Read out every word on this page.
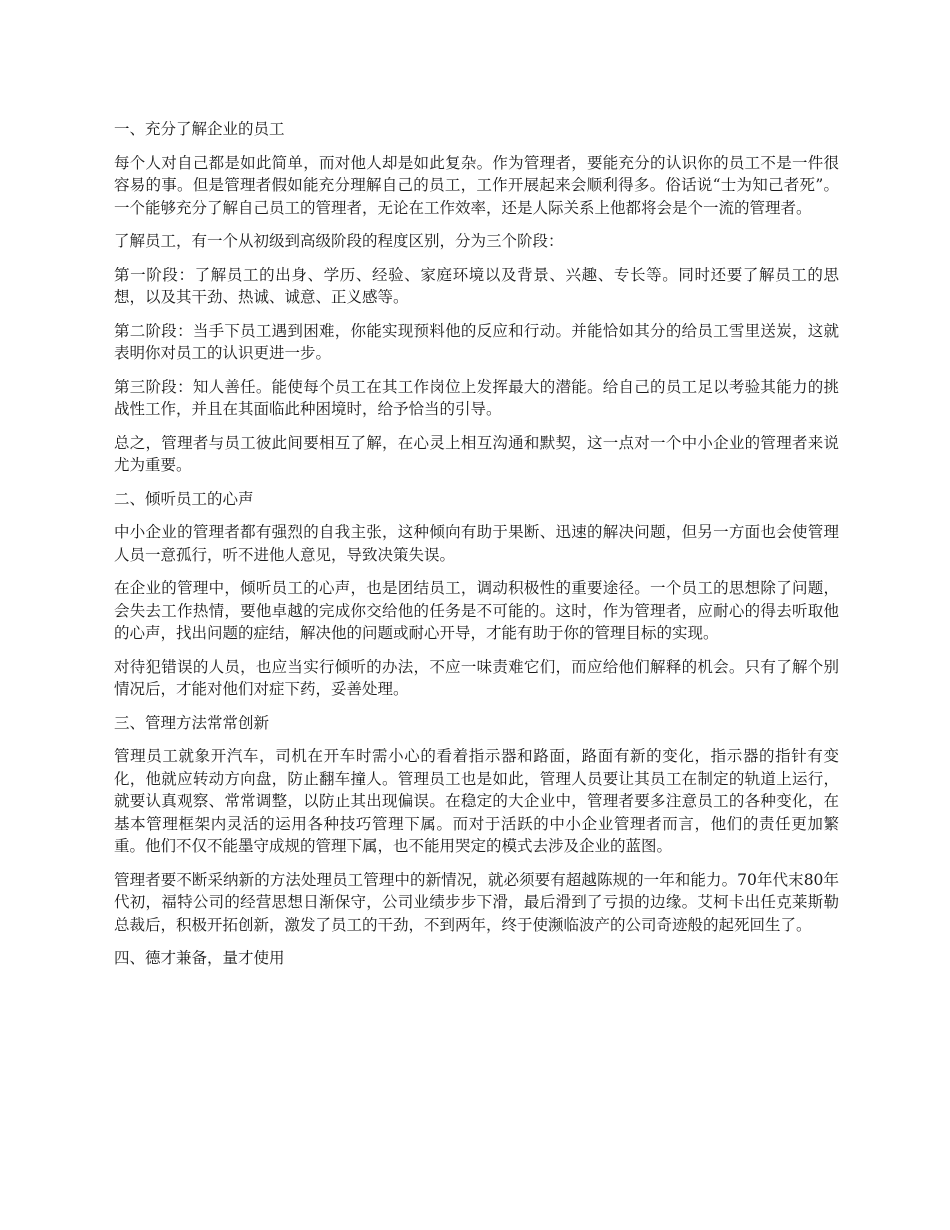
一、充分了解企业的员工
每个人对自己都是如此简单，而对他人却是如此复杂。作为管理者，要能充分的认识你的员工不是一件很容易的事。但是管理者假如能充分理解自己的员工，工作开展起来会顺利得多。俗话说“士为知己者死”。一个能够充分了解自己员工的管理者，无论在工作效率，还是人际关系上他都将会是个一流的管理者。
了解员工，有一个从初级到高级阶段的程度区别，分为三个阶段：
第一阶段：了解员工的出身、学历、经验、家庭环境以及背景、兴趣、专长等。同时还要了解员工的思想，以及其干劲、热诚、诚意、正义感等。
第二阶段：当手下员工遇到困难，你能实现预料他的反应和行动。并能恰如其分的给员工雪里送炭，这就表明你对员工的认识更进一步。
第三阶段：知人善任。能使每个员工在其工作岗位上发挥最大的潜能。给自己的员工足以考验其能力的挑战性工作，并且在其面临此种困境时，给予恰当的引导。
总之，管理者与员工彼此间要相互了解，在心灵上相互沟通和默契，这一点对一个中小企业的管理者来说尤为重要。
二、倾听员工的心声
中小企业的管理者都有强烈的自我主张，这种倾向有助于果断、迅速的解决问题，但另一方面也会使管理人员一意孤行，听不进他人意见，导致决策失误。
在企业的管理中，倾听员工的心声，也是团结员工，调动积极性的重要途径。一个员工的思想除了问题，会失去工作热情，要他卓越的完成你交给他的任务是不可能的。这时，作为管理者，应耐心的得去听取他的心声，找出问题的症结，解决他的问题或耐心开导，才能有助于你的管理目标的实现。
对待犯错误的人员，也应当实行倾听的办法，不应一味责难它们，而应给他们解释的机会。只有了解个别情况后，才能对他们对症下药，妥善处理。
三、管理方法常常创新
管理员工就象开汽车，司机在开车时需小心的看着指示器和路面，路面有新的变化，指示器的指针有变化，他就应转动方向盘，防止翻车撞人。管理员工也是如此，管理人员要让其员工在制定的轨道上运行，就要认真观察、常常调整，以防止其出现偏误。在稳定的大企业中，管理者要多注意员工的各种变化，在基本管理框架内灵活的运用各种技巧管理下属。而对于活跃的中小企业管理者而言，他们的责任更加繁重。他们不仅不能墨守成规的管理下属，也不能用哭定的模式去涉及企业的蓝图。
管理者要不断采纳新的方法处理员工管理中的新情况，就必须要有超越陈规的一年和能力。70年代末80年代初，福特公司的经营思想日渐保守，公司业绩步步下滑，最后滑到了亏损的边缘。艾柯卡出任克莱斯勒总裁后，积极开拓创新，激发了员工的干劲，不到两年，终于使濒临波产的公司奇迹般的起死回生了。
四、德才兼备，量才使用
